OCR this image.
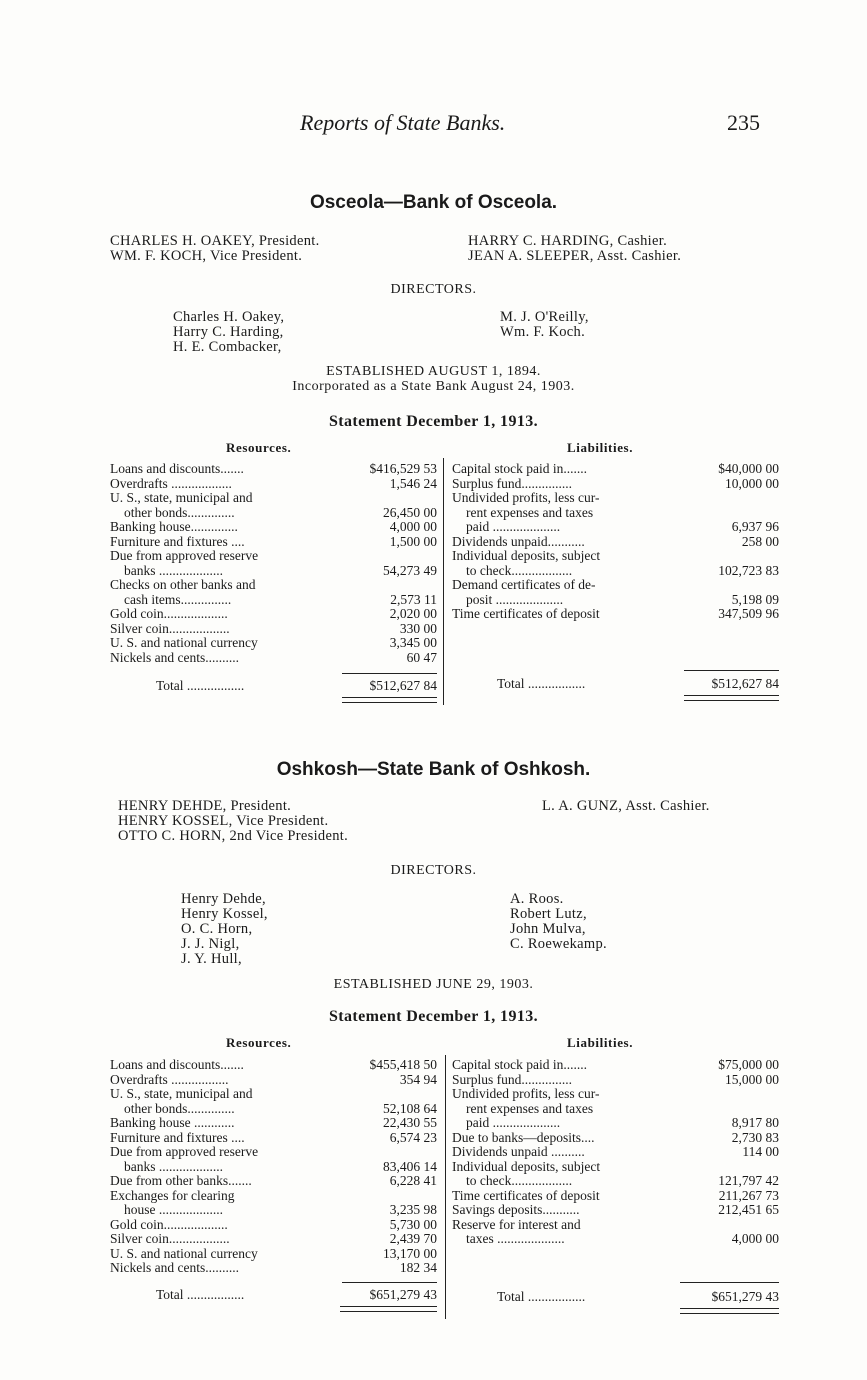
Reports of State Banks.	235
Osceola—Bank of Osceola.
CHARLES H. OAKEY, President.
WM. F. KOCH, Vice President.
HARRY C. HARDING, Cashier.
JEAN A. SLEEPER, Asst. Cashier.
DIRECTORS.
Charles H. Oakey,
Harry C. Harding,
H. E. Combacker,
M. J. O'Reilly,
Wm. F. Koch.
ESTABLISHED AUGUST 1, 1894.
Incorporated as a State Bank August 24, 1903.
Statement December 1, 1913.
Resources.	Liabilities.
Loans and discounts.......	$416,529 53
Overdrafts ..................	1,546 24
U. S., state, municipal and
other bonds..............	26,450 00
Banking house..............	4,000 00
Furniture and fixtures ....	1,500 00
Due from approved reserve
banks ...................	54,273 49
Checks on other banks and
cash items...............	2,573 11
Gold coin...................	2,020 00
Silver coin..................	330 00
U. S. and national currency	3,345 00
Nickels and cents..........	60 47
Capital stock paid in.......	$40,000 00
Surplus fund...............	10,000 00
Undivided profits, less cur-
rent expenses and taxes
paid ....................	6,937 96
Dividends unpaid...........	258 00
Individual deposits, subject
to check..................	102,723 83
Demand certificates of de-
posit ....................	5,198 09
Time certificates of deposit	347,509 96
Total .................	$512,627 84	Total .................	$512,627 84
Oshkosh—State Bank of Oshkosh.
HENRY DEHDE, President.
HENRY KOSSEL, Vice President.
OTTO C. HORN, 2nd Vice President.
L. A. GUNZ, Asst. Cashier.
DIRECTORS.
Henry Dehde,
Henry Kossel,
O. C. Horn,
J. J. Nigl,
J. Y. Hull,
A. Roos.
Robert Lutz,
John Mulva,
C. Roewekamp.
ESTABLISHED JUNE 29, 1903.
Statement December 1, 1913.
Resources.	Liabilities.
Loans and discounts.......	$455,418 50
Overdrafts .................	354 94
U. S., state, municipal and
other bonds..............	52,108 64
Banking house ............	22,430 55
Furniture and fixtures ....	6,574 23
Due from approved reserve
banks ...................	83,406 14
Due from other banks.......	6,228 41
Exchanges for clearing
house ...................	3,235 98
Gold coin...................	5,730 00
Silver coin..................	2,439 70
U. S. and national currency	13,170 00
Nickels and cents..........	182 34
Capital stock paid in.......	$75,000 00
Surplus fund...............	15,000 00
Undivided profits, less cur-
rent expenses and taxes
paid ....................	8,917 80
Due to banks—deposits....	2,730 83
Dividends unpaid ..........	114 00
Individual deposits, subject
to check..................	121,797 42
Time certificates of deposit	211,267 73
Savings deposits...........	212,451 65
Reserve for interest and
taxes ....................	4,000 00
Total .................	$651,279 43	Total .................	$651,279 43
